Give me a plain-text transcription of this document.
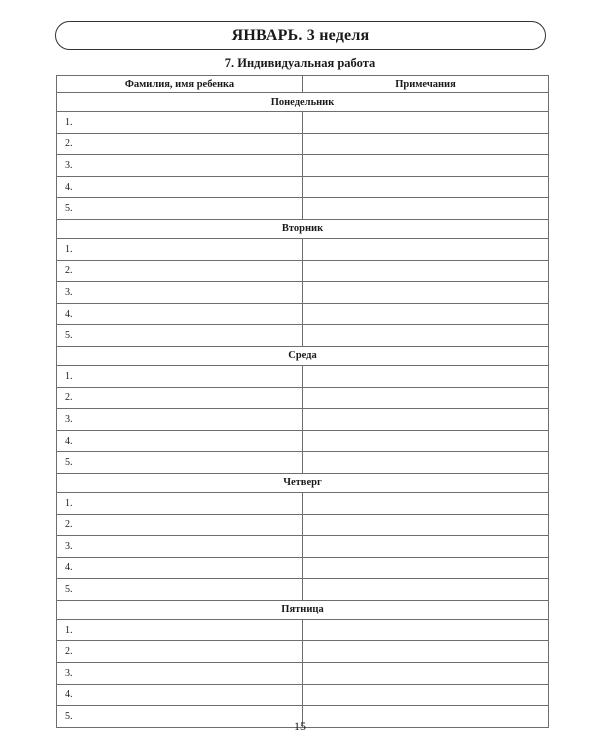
ЯНВАРЬ. 3 неделя
7. Индивидуальная работа
Фамилия, имя ребенка	Примечания
Понедельник	
1.	
2.	
3.	
4.	
5.	
Вторник	
1.	
2.	
3.	
4.	
5.	
Среда	
1.	
2.	
3.	
4.	
5.	
Четверг	
1.	
2.	
3.	
4.	
5.	
Пятница	
1.	
2.	
3.	
4.	
5.	
15
